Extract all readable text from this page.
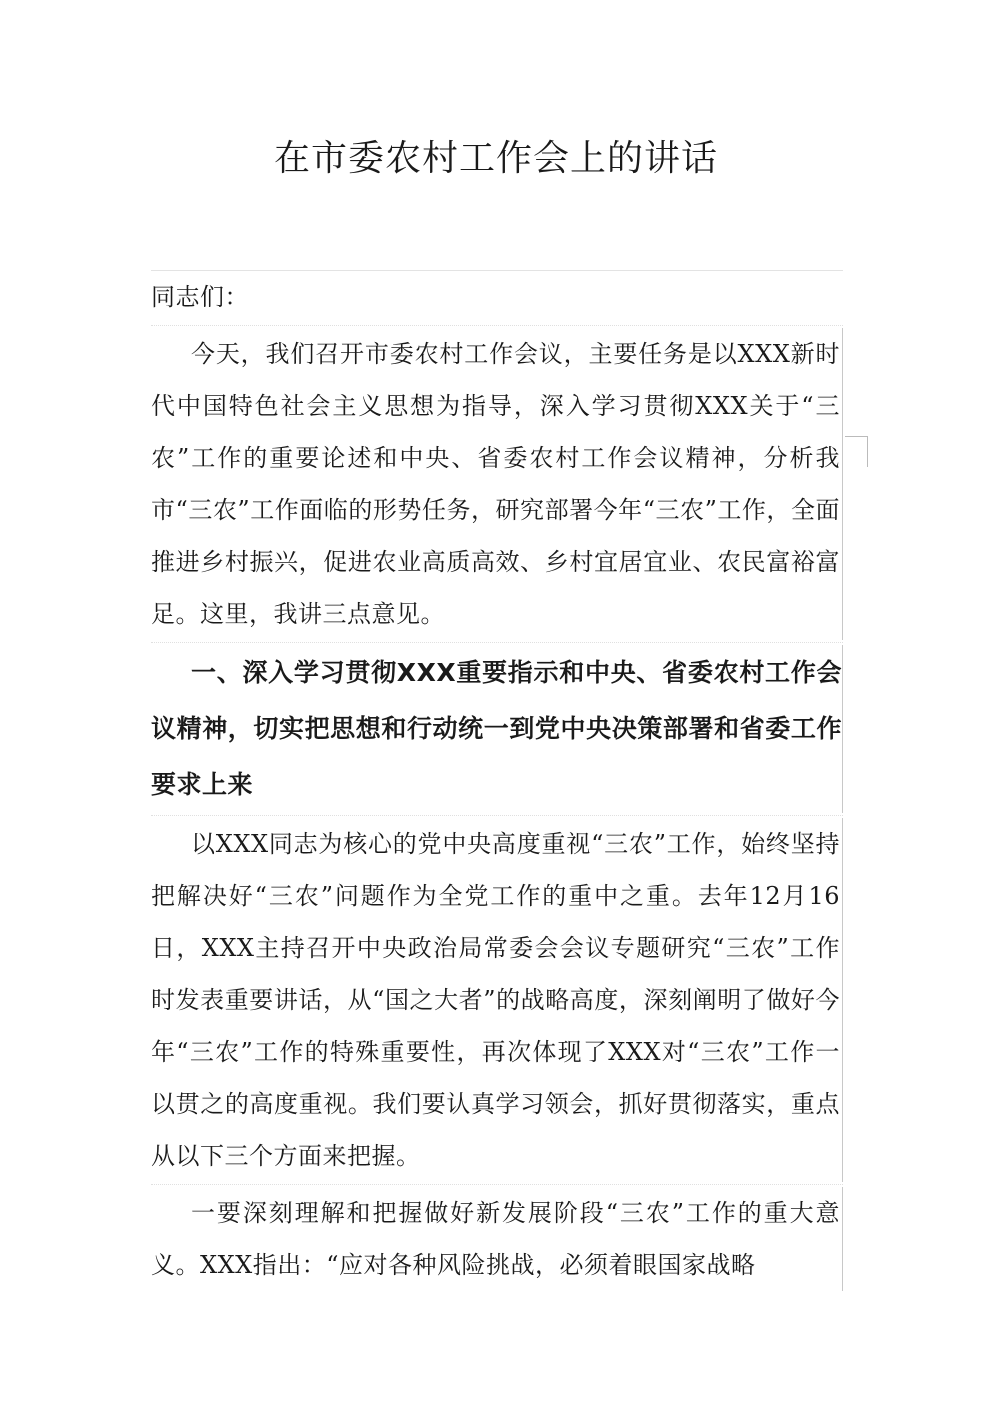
在市委农村工作会上的讲话

同志们：

今天，我们召开市委农村工作会议，主要任务是以XXX新时代中国特色社会主义思想为指导，深入学习贯彻XXX关于“三农”工作的重要论述和中央、省委农村工作会议精神，分析我市“三农”工作面临的形势任务，研究部署今年“三农”工作，全面推进乡村振兴，促进农业高质高效、乡村宜居宜业、农民富裕富足。这里，我讲三点意见。

一、深入学习贯彻XXX重要指示和中央、省委农村工作会议精神，切实把思想和行动统一到党中央决策部署和省委工作要求上来

以XXX同志为核心的党中央高度重视“三农”工作，始终坚持把解决好“三农”问题作为全党工作的重中之重。去年12月16日，XXX主持召开中央政治局常委会会议专题研究“三农”工作时发表重要讲话，从“国之大者”的战略高度，深刻阐明了做好今年“三农”工作的特殊重要性，再次体现了XXX对“三农”工作一以贯之的高度重视。我们要认真学习领会，抓好贯彻落实，重点从以下三个方面来把握。

一要深刻理解和把握做好新发展阶段“三农”工作的重大意义。XXX指出：“应对各种风险挑战，必须着眼国家战略
